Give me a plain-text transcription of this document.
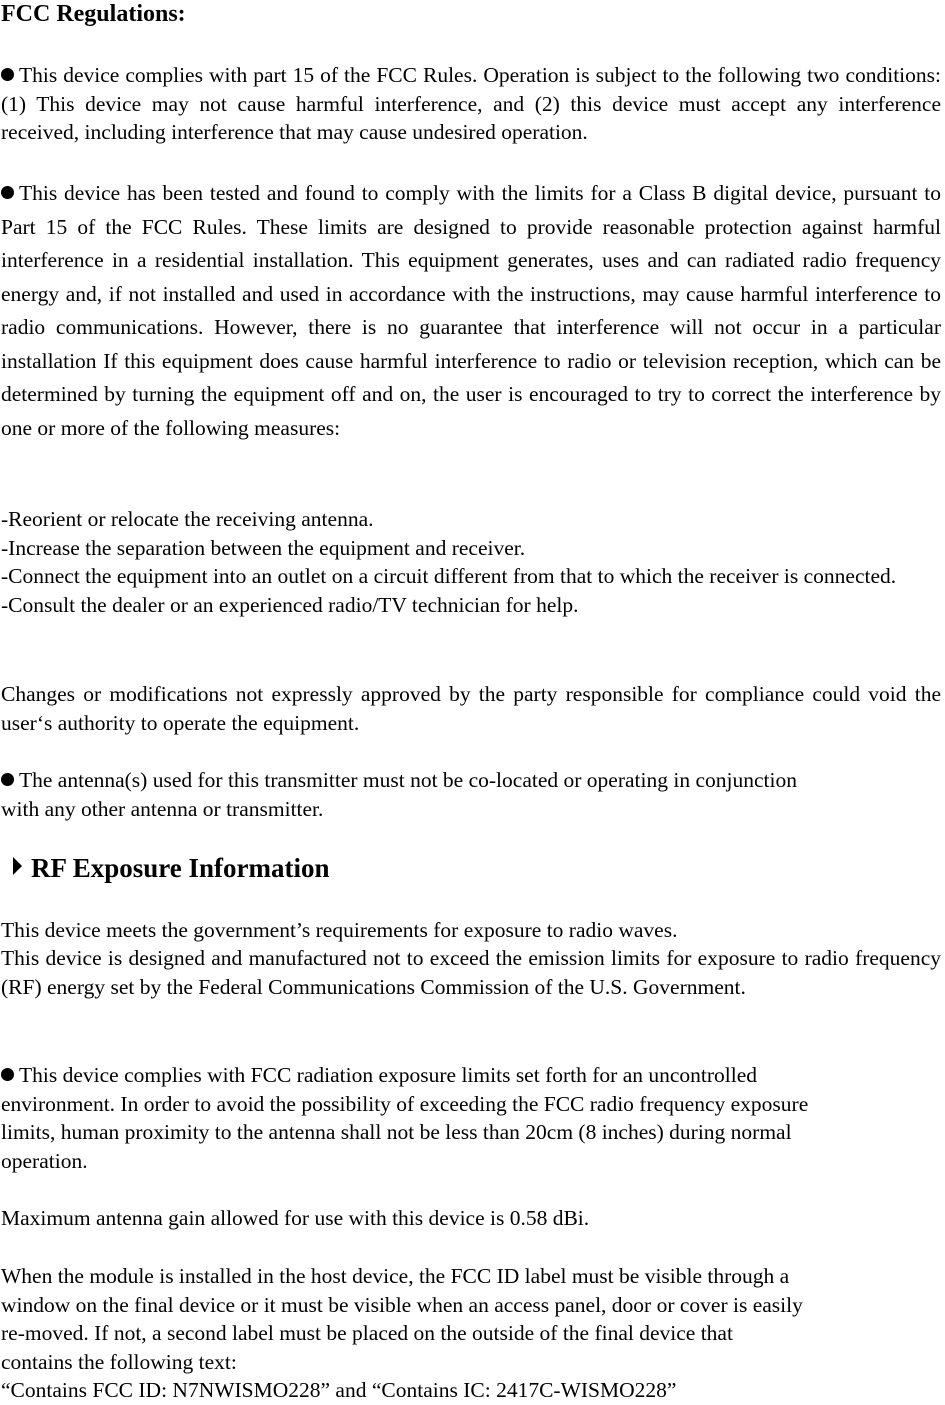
FCC Regulations:
This device complies with part 15 of the FCC Rules. Operation is subject to the following two conditions: (1) This device may not cause harmful interference, and (2) this device must accept any interference received, including interference that may cause undesired operation.
This device has been tested and found to comply with the limits for a Class B digital device, pursuant to Part 15 of the FCC Rules. These limits are designed to provide reasonable protection against harmful interference in a residential installation. This equipment generates, uses and can radiated radio frequency energy and, if not installed and used in accordance with the instructions, may cause harmful interference to radio communications. However, there is no guarantee that interference will not occur in a particular installation If this equipment does cause harmful interference to radio or television reception, which can be determined by turning the equipment off and on, the user is encouraged to try to correct the interference by one or more of the following measures:
-Reorient or relocate the receiving antenna.
-Increase the separation between the equipment and receiver.
-Connect the equipment into an outlet on a circuit different from that to which the receiver is connected.
-Consult the dealer or an experienced radio/TV technician for help.
Changes or modifications not expressly approved by the party responsible for compliance could void the user‘s authority to operate the equipment.
The antenna(s) used for this transmitter must not be co-located or operating in conjunction
with any other antenna or transmitter.
RF Exposure Information
This device meets the government’s requirements for exposure to radio waves.
This device is designed and manufactured not to exceed the emission limits for exposure to radio frequency (RF) energy set by the Federal Communications Commission of the U.S. Government.
This device complies with FCC radiation exposure limits set forth for an uncontrolled
environment. In order to avoid the possibility of exceeding the FCC radio frequency exposure
limits, human proximity to the antenna shall not be less than 20cm (8 inches) during normal
operation.
Maximum antenna gain allowed for use with this device is 0.58 dBi.
When the module is installed in the host device, the FCC ID label must be visible through a
window on the final device or it must be visible when an access panel, door or cover is easily
re-moved. If not, a second label must be placed on the outside of the final device that
contains the following text:
“Contains FCC ID: N7NWISMO228” and “Contains IC: 2417C-WISMO228”
